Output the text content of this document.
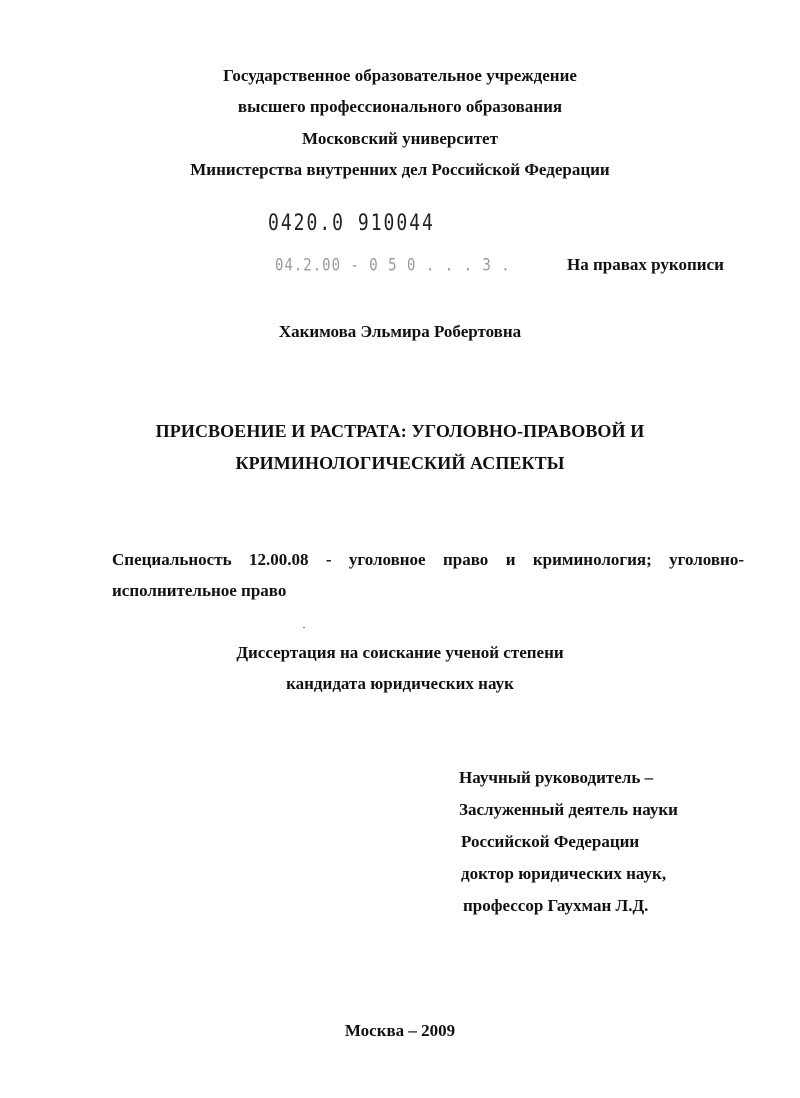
Государственное образовательное учреждение
высшего профессионального образования
Московский университет
Министерства внутренних дел Российской Федерации
0420.0 910044
04.2.00 - 0 5 0 . . . 3 .	На правах рукописи
Хакимова Эльмира Робертовна
ПРИСВОЕНИЕ И РАСТРАТА: УГОЛОВНО-ПРАВОВОЙ И
КРИМИНОЛОГИЧЕСКИЙ АСПЕКТЫ
Специальность 12.00.08 - уголовное право и криминология; уголовно-
исполнительное право
Диссертация на соискание ученой степени
кандидата юридических наук
Научный руководитель –
Заслуженный деятель науки
Российской Федерации
доктор юридических наук,
профессор Гаухман Л.Д.
Москва – 2009
